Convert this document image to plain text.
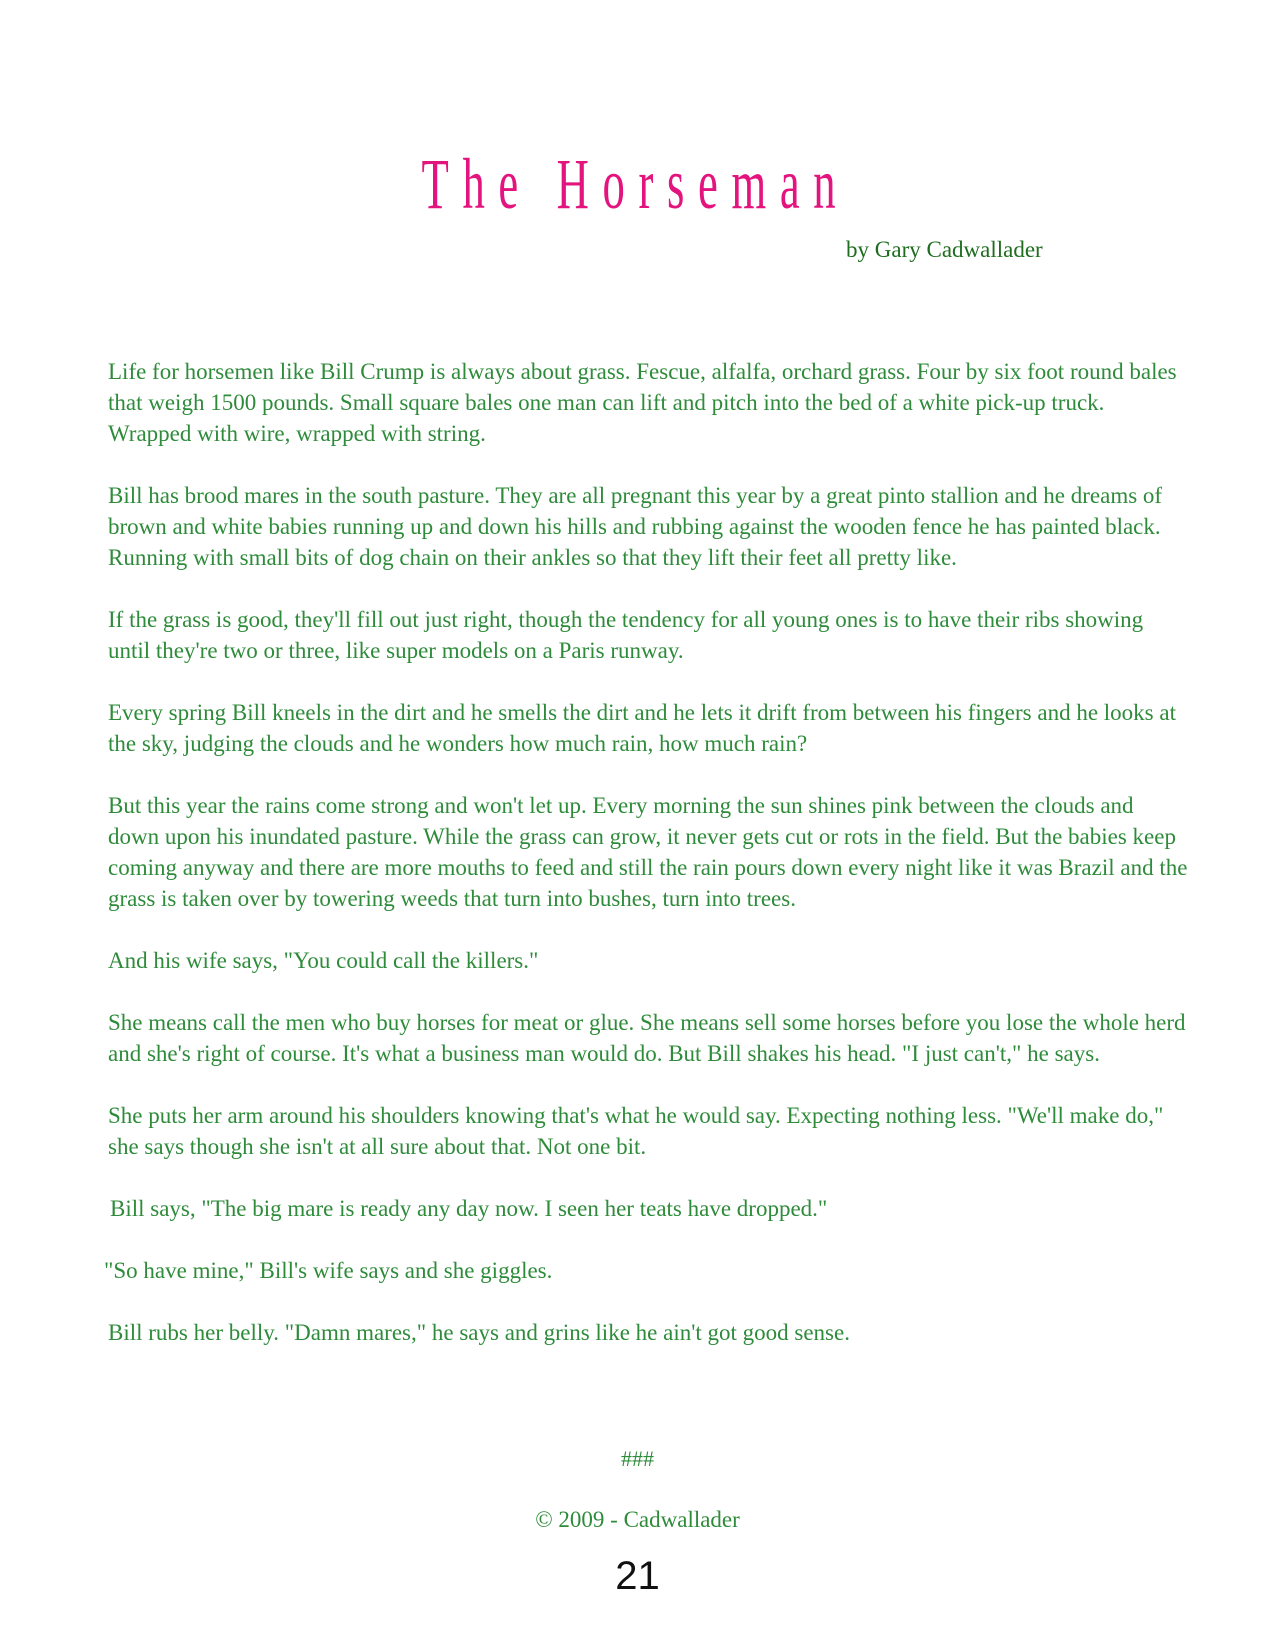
The Horseman
by Gary Cadwallader

Life for horsemen like Bill Crump is always about grass. Fescue, alfalfa, orchard grass. Four by six foot round bales that weigh 1500 pounds. Small square bales one man can lift and pitch into the bed of a white pick-up truck. Wrapped with wire, wrapped with string.

Bill has brood mares in the south pasture. They are all pregnant this year by a great pinto stallion and he dreams of brown and white babies running up and down his hills and rubbing against the wooden fence he has painted black. Running with small bits of dog chain on their ankles so that they lift their feet all pretty like.

If the grass is good, they'll fill out just right, though the tendency for all young ones is to have their ribs showing until they're two or three, like super models on a Paris runway.

Every spring Bill kneels in the dirt and he smells the dirt and he lets it drift from between his fingers and he looks at the sky, judging the clouds and he wonders how much rain, how much rain?

But this year the rains come strong and won't let up. Every morning the sun shines pink between the clouds and down upon his inundated pasture. While the grass can grow, it never gets cut or rots in the field. But the babies keep coming anyway and there are more mouths to feed and still the rain pours down every night like it was Brazil and the grass is taken over by towering weeds that turn into bushes, turn into trees.

And his wife says, "You could call the killers."

She means call the men who buy horses for meat or glue. She means sell some horses before you lose the whole herd and she's right of course. It's what a business man would do. But Bill shakes his head. "I just can't," he says.

She puts her arm around his shoulders knowing that's what he would say. Expecting nothing less. "We'll make do," she says though she isn't at all sure about that. Not one bit.

Bill says, "The big mare is ready any day now. I seen her teats have dropped."

"So have mine," Bill's wife says and she giggles.

Bill rubs her belly. "Damn mares," he says and grins like he ain't got good sense.

###
© 2009 - Cadwallader
21
